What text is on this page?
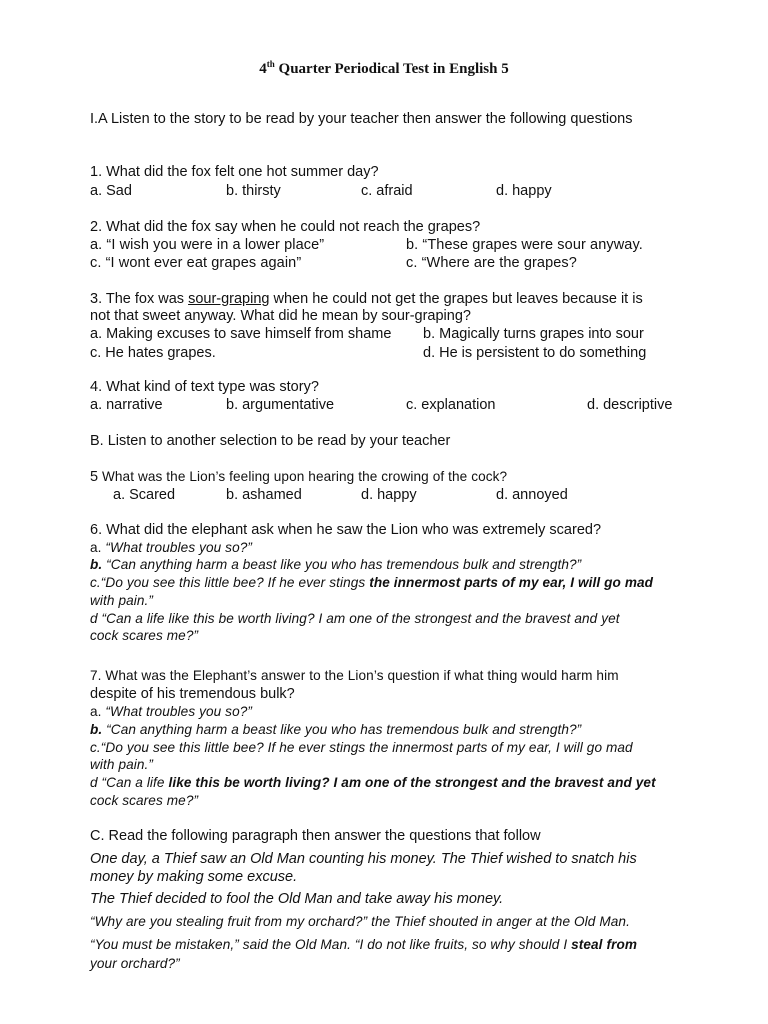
4th Quarter Periodical Test in English 5
I.A Listen to the story to be read by your teacher then answer the following questions
1. What did the fox felt one hot summer day?
a. Sad	b. thirsty	c. afraid	d. happy
2. What did the fox say when he could not reach the grapes?
a. “I wish you were in a lower place”	b. “These grapes were sour anyway.
c. “I wont ever eat grapes again”	c. “Where are the grapes?
3. The fox was sour-graping when he could not get the grapes but leaves because it is
not that sweet anyway. What did he mean by sour-graping?
a. Making excuses to save himself from shame b. Magically turns grapes into sour
c. He hates grapes.	d. He is persistent to do something
4. What kind of text type was story?
a. narrative	b. argumentative	c. explanation	d. descriptive
B. Listen to another selection to be read by your teacher
5 What was the Lion’s feeling upon hearing the crowing of the cock?
a. Scared	b. ashamed	d. happy	d. annoyed
6. What did the elephant ask when he saw the Lion who was extremely scared?
a. “What troubles you so?”
b. “Can anything harm a beast like you who has tremendous bulk and strength?”
c.“Do you see this little bee? If he ever stings the innermost parts of my ear, I will go mad
with pain.”
d “Can a life like this be worth living? I am one of the strongest and the bravest and yet
cock scares me?”
7. What was the Elephant’s answer to the Lion’s question if what thing would harm him
despite of his tremendous bulk?
a. “What troubles you so?”
b. “Can anything harm a beast like you who has tremendous bulk and strength?”
c.“Do you see this little bee? If he ever stings the innermost parts of my ear, I will go mad
with pain.”
d “Can a life like this be worth living? I am one of the strongest and the bravest and yet
cock scares me?”
C. Read the following paragraph then answer the questions that follow
One day, a Thief saw an Old Man counting his money. The Thief wished to snatch his
money by making some excuse.
The Thief decided to fool the Old Man and take away his money.
“Why are you stealing fruit from my orchard?” the Thief shouted in anger at the Old Man.
“You must be mistaken,” said the Old Man. “I do not like fruits, so why should I steal from
your orchard?”
